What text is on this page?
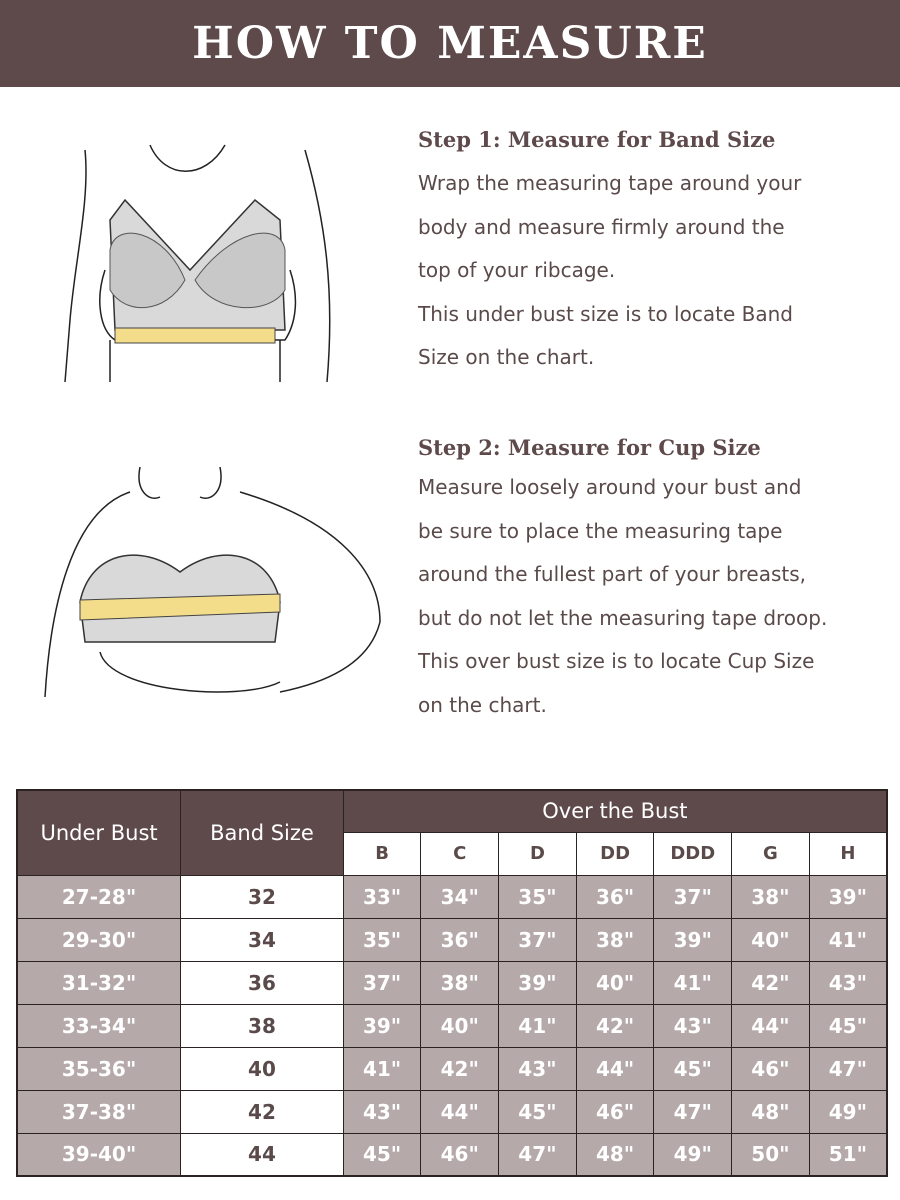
HOW TO MEASURE
Step 1: Measure for Band Size

Wrap the measuring tape around your

body and measure firmly around the

top of your ribcage.

This under bust size is to locate Band

Size on the chart.

Step 2: Measure for Cup Size

Measure loosely around your bust and

be sure to place the measuring tape

around the fullest part of your breasts,

but do not let the measuring tape droop.

This over bust size is to locate Cup Size

on the chart.

Under Bust	Band Size	Over the Bust						
		B	C	D	DD	DDD	G	H
27-28"	32	33"	34"	35"	36"	37"	38"	39"
29-30"	34	35"	36"	37"	38"	39"	40"	41"
31-32"	36	37"	38"	39"	40"	41"	42"	43"
33-34"	38	39"	40"	41"	42"	43"	44"	45"
35-36"	40	41"	42"	43"	44"	45"	46"	47"
37-38"	42	43"	44"	45"	46"	47"	48"	49"
39-40"	44	45"	46"	47"	48"	49"	50"	51"
